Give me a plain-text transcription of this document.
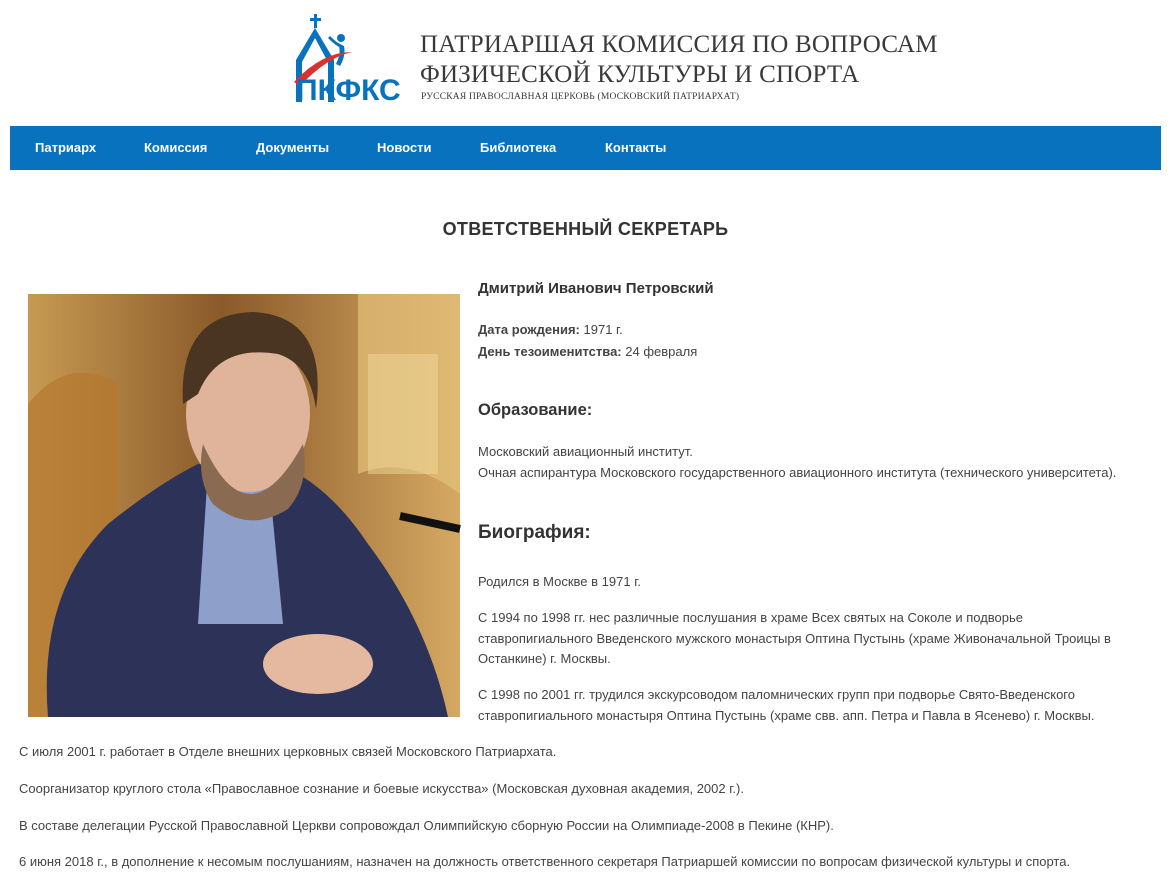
ПКФКС
ПАТРИАРШАЯ КОМИССИЯ ПО ВОПРОСАМ
ФИЗИЧЕСКОЙ КУЛЬТУРЫ И СПОРТА
РУССКАЯ ПРАВОСЛАВНАЯ ЦЕРКОВЬ (МОСКОВСКИЙ ПАТРИАРХАТ)
Патриарх	Комиссия	Документы	Новости	Библиотека	Контакты
ОТВЕТСТВЕННЫЙ СЕКРЕТАРЬ
Дмитрий Иванович Петровский
Дата рождения: 1971 г.
День тезоименитства: 24 февраля
Образование:
Московский авиационный институт.
Очная аспирантура Московского государственного авиационного института (технического университета).
Биография:
Родился в Москве в 1971 г.
С 1994 по 1998 гг. нес различные послушания в храме Всех святых на Соколе и подворье
ставропигиального Введенского мужского монастыря Оптина Пустынь (храме Живоначальной Троицы в
Останкине) г. Москвы.
С 1998 по 2001 гг. трудился экскурсоводом паломнических групп при подворье Свято-Введенского
ставропигиального монастыря Оптина Пустынь (храме свв. апп. Петра и Павла в Ясенево) г. Москвы.
С июля 2001 г. работает в Отделе внешних церковных связей Московского Патриархата.
Соорганизатор круглого стола «Православное сознание и боевые искусства» (Московская духовная академия, 2002 г.).
В составе делегации Русской Православной Церкви сопровождал Олимпийскую сборную России на Олимпиаде-2008 в Пекине (КНР).
6 июня 2018 г., в дополнение к несомым послушаниям, назначен на должность ответственного секретаря Патриаршей комиссии по вопросам физической культуры и спорта.
